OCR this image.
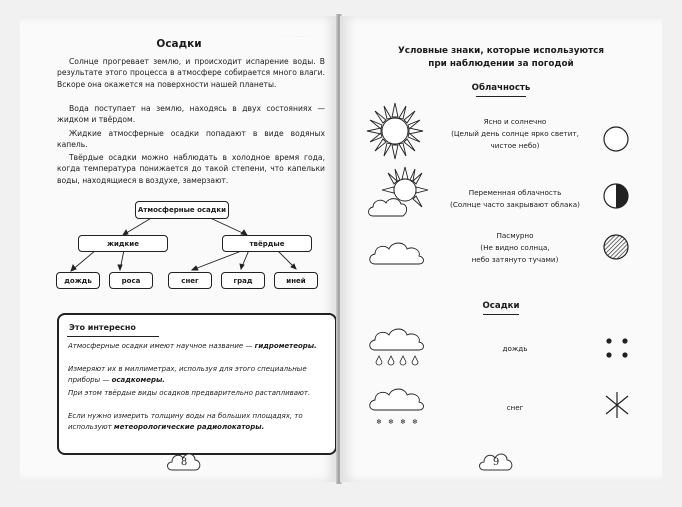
............
Осадки
Солнце прогревает землю, и происходит испарение воды. В результате этого процесса в атмосфере собирается много влаги. Вскоре она окажется на поверхности нашей планеты.
Вода поступает на землю, находясь в двух состояниях — жидком и твёрдом.
Жидкие атмосферные осадки попадают в виде водяных капель.
Твёрдые осадки можно наблюдать в холодное время года, когда температура понижается до такой степени, что капельки воды, находящиеся в воздухе, замерзают.
Атмосферные осадки
жидкие	твёрдые
дождь	роса	снег	град	иней
Это интересно
Атмосферные осадки имеют научное название — гидрометеоры.
Измеряют их в миллиметрах, используя для этого специальные приборы — осадкомеры.
При этом твёрдые виды осадков предварительно растапливают.
Если нужно измерить толщину воды на больших площадях, то используют метеорологические радиолокаторы.
8
Условные знаки, которые используются
при наблюдении за погодой
Облачность
Ясно и солнечно
(Целый день солнце ярко светит,
чистое небо)
Переменная облачность
(Солнце часто закрывают облака)
Пасмурно
(Не видно солнца,
небо затянуто тучами)
Осадки
дождь
❄ ❄ ❄ ❄
снег
9
